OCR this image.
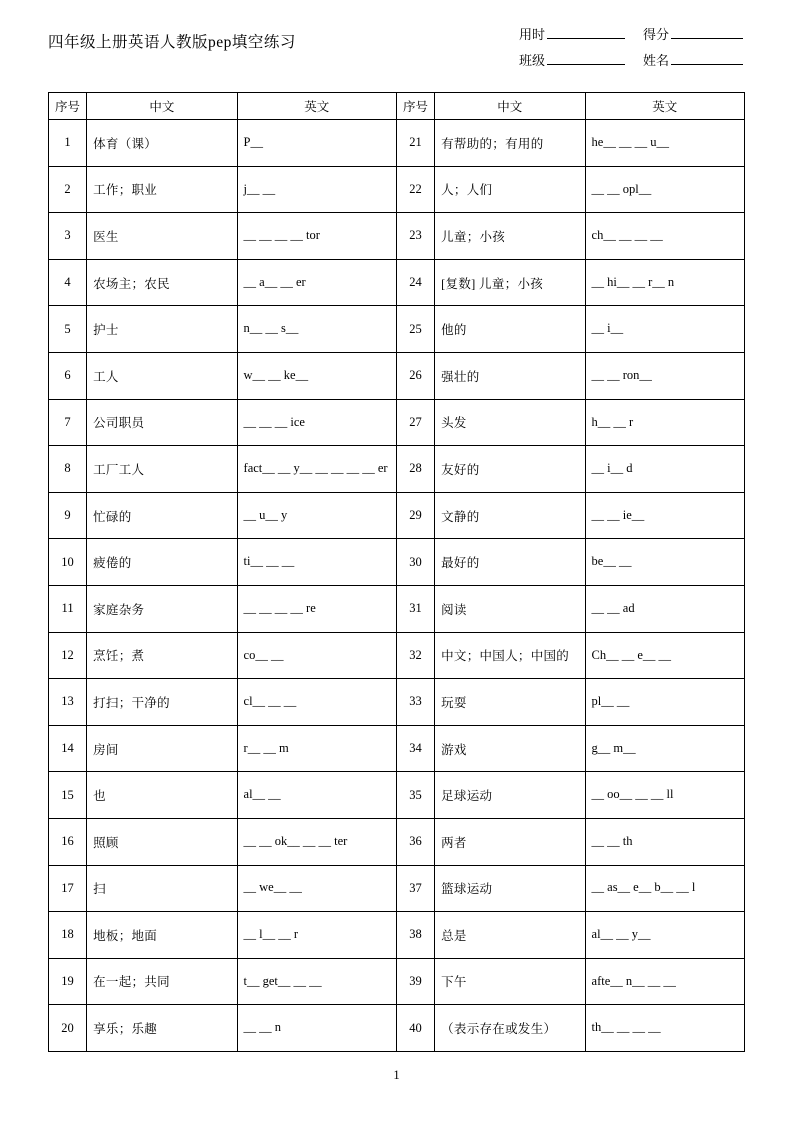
四年级上册英语人教版pep填空练习	用时	得分
班级	姓名
序号	中文	英文	序号	中文	英文
1	体育（课）	P__	21	有帮助的；有用的	he__ __ __ u__
2	工作；职业	j__ __	22	人；人们	__ __ opl__
3	医生	__ __ __ __ tor	23	儿童；小孩	ch__ __ __ __
4	农场主；农民	__ a__ __ er	24	[复数] 儿童；小孩	__ hi__ __ r__ n
5	护士	n__ __ s__	25	他的	__ i__
6	工人	w__ __ ke__	26	强壮的	__ __ ron__
7	公司职员	__ __ __ ice	27	头发	h__ __ r
8	工厂工人	fact__ __ y__ __ __ __ __ er	28	友好的	__ i__ d
9	忙碌的	__ u__ y	29	文静的	__ __ ie__
10	疲倦的	ti__ __ __	30	最好的	be__ __
11	家庭杂务	__ __ __ __ re	31	阅读	__ __ ad
12	烹饪；煮	co__ __	32	中文；中国人；中国的	Ch__ __ e__ __
13	打扫；干净的	cl__ __ __	33	玩耍	pl__ __
14	房间	r__ __ m	34	游戏	g__ m__
15	也	al__ __	35	足球运动	__ oo__ __ __ ll
16	照顾	__ __ ok__ __ __ ter	36	两者	__ __ th
17	扫	__ we__ __	37	篮球运动	__ as__ e__ b__ __ l
18	地板；地面	__ l__ __ r	38	总是	al__ __ y__
19	在一起；共同	t__ get__ __ __	39	下午	afte__ n__ __ __
20	享乐；乐趣	__ __ n	40	（表示存在或发生）	th__ __ __ __
1
